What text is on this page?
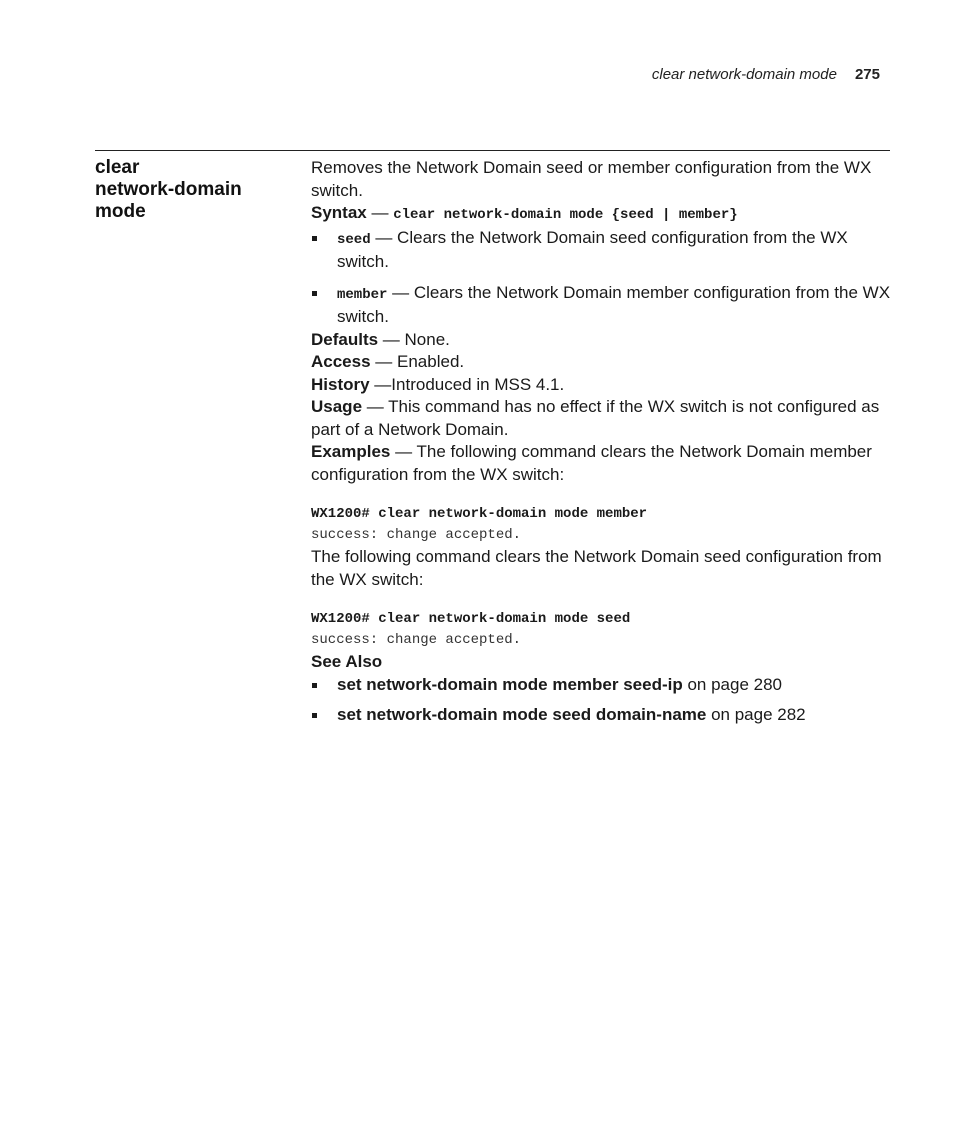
clear network-domain mode 275
clear
network-domain
mode

Removes the Network Domain seed or member configuration from the WX switch.

Syntax — clear network-domain mode {seed | member}

seed — Clears the Network Domain seed configuration from the WX switch.
member — Clears the Network Domain member configuration from the WX switch.

Defaults — None.

Access — Enabled.

History —Introduced in MSS 4.1.

Usage — This command has no effect if the WX switch is not configured as part of a Network Domain.

Examples — The following command clears the Network Domain member configuration from the WX switch:

WX1200# clear network-domain mode member
success: change accepted.

The following command clears the Network Domain seed configuration from the WX switch:

WX1200# clear network-domain mode seed
success: change accepted.

See Also

set network-domain mode member seed-ip on page 280
set network-domain mode seed domain-name on page 282
